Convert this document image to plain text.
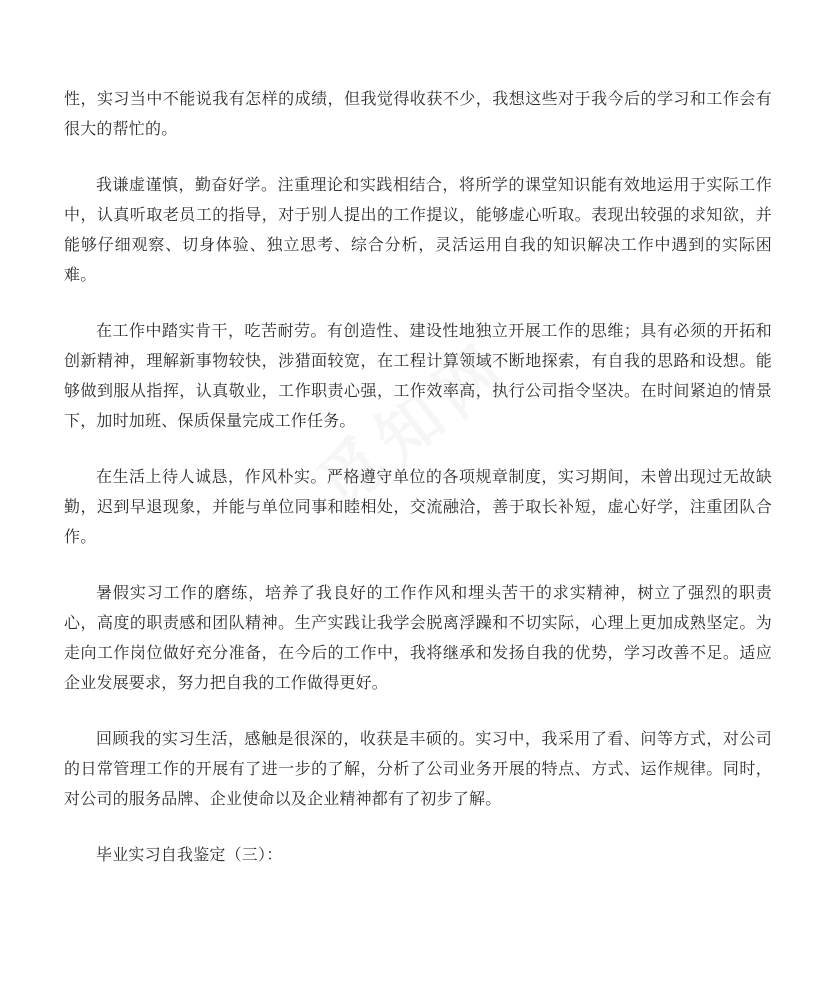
性，实习当中不能说我有怎样的成绩，但我觉得收获不少，我想这些对于我今后的学习和工作会有很大的帮忙的。

我谦虚谨慎，勤奋好学。注重理论和实践相结合，将所学的课堂知识能有效地运用于实际工作中，认真听取老员工的指导，对于别人提出的工作提议，能够虚心听取。表现出较强的求知欲，并能够仔细观察、切身体验、独立思考、综合分析，灵活运用自我的知识解决工作中遇到的实际困难。

在工作中踏实肯干，吃苦耐劳。有创造性、建设性地独立开展工作的思维；具有必须的开拓和创新精神，理解新事物较快，涉猎面较宽，在工程计算领域不断地探索，有自我的思路和设想。能够做到服从指挥，认真敬业，工作职责心强，工作效率高，执行公司指令坚决。在时间紧迫的情景下，加时加班、保质保量完成工作任务。

在生活上待人诚恳，作风朴实。严格遵守单位的各项规章制度，实习期间，未曾出现过无故缺勤，迟到早退现象，并能与单位同事和睦相处，交流融洽，善于取长补短，虚心好学，注重团队合作。

暑假实习工作的磨练，培养了我良好的工作作风和埋头苦干的求实精神，树立了强烈的职责心，高度的职责感和团队精神。生产实践让我学会脱离浮躁和不切实际，心理上更加成熟坚定。为走向工作岗位做好充分准备，在今后的工作中，我将继承和发扬自我的优势，学习改善不足。适应企业发展要求，努力把自我的工作做得更好。

回顾我的实习生活，感触是很深的，收获是丰硕的。实习中，我采用了看、问等方式，对公司的日常管理工作的开展有了进一步的了解，分析了公司业务开展的特点、方式、运作规律。同时，对公司的服务品牌、企业使命以及企业精神都有了初步了解。

毕业实习自我鉴定（三）：
